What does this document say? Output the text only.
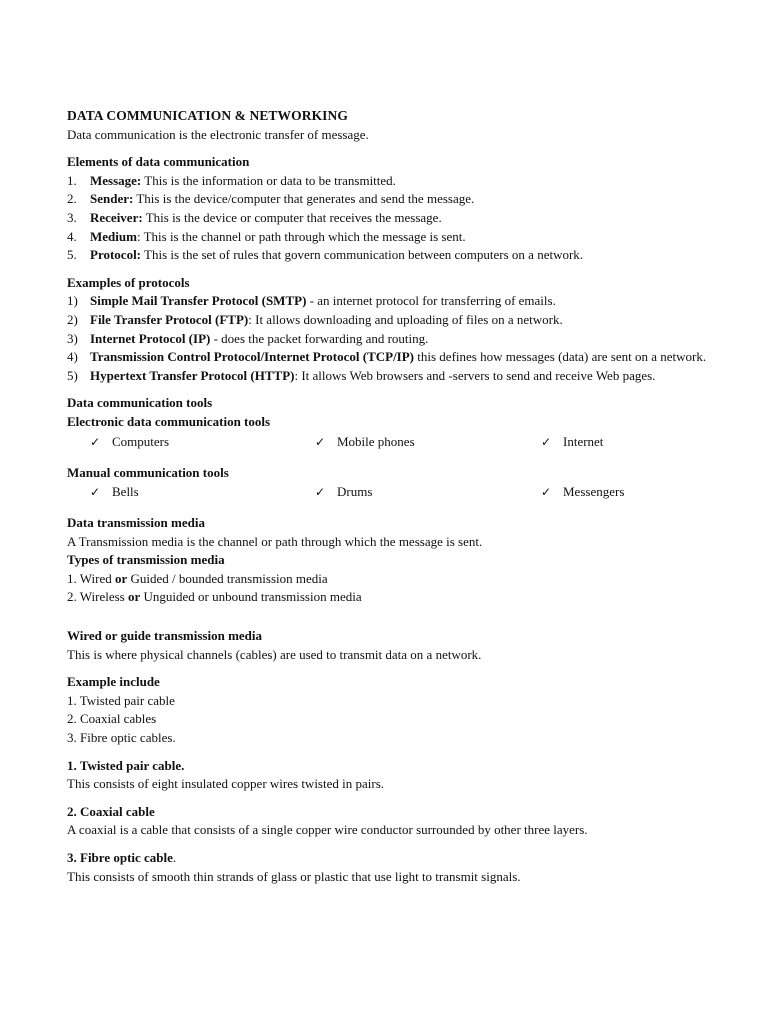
DATA COMMUNICATION & NETWORKING

Data communication is the electronic transfer of message.

Elements of data communication

1. Message: This is the information or data to be transmitted.
2. Sender: This is the device/computer that generates and send the message.
3. Receiver: This is the device or computer that receives the message.
4. Medium: This is the channel or path through which the message is sent.
5. Protocol: This is the set of rules that govern communication between computers on a network.

Examples of protocols

1) Simple Mail Transfer Protocol (SMTP) - an internet protocol for transferring of emails.
2) File Transfer Protocol (FTP): It allows downloading and uploading of files on a network.
3) Internet Protocol (IP) - does the packet forwarding and routing.
4) Transmission Control Protocol/Internet Protocol (TCP/IP) this defines how messages (data) are sent on a network.
5) Hypertext Transfer Protocol (HTTP): It allows Web browsers and -servers to send and receive Web pages.

Data communication tools

Electronic data communication tools

✓ Computers	✓ Mobile phones	✓ Internet

Manual communication tools

✓ Bells	✓ Drums	✓ Messengers

Data transmission media

A Transmission media is the channel or path through which the message is sent.

Types of transmission media

1. Wired or Guided / bounded transmission media

2. Wireless or Unguided or unbound transmission media

Wired or guide transmission media

This is where physical channels (cables) are used to transmit data on a network.

Example include

1. Twisted pair cable

2. Coaxial cables

3. Fibre optic cables.

1. Twisted pair cable.

This consists of eight insulated copper wires twisted in pairs.

2. Coaxial cable

A coaxial is a cable that consists of a single copper wire conductor surrounded by other three layers.

3. Fibre optic cable.

This consists of smooth thin strands of glass or plastic that use light to transmit signals.
